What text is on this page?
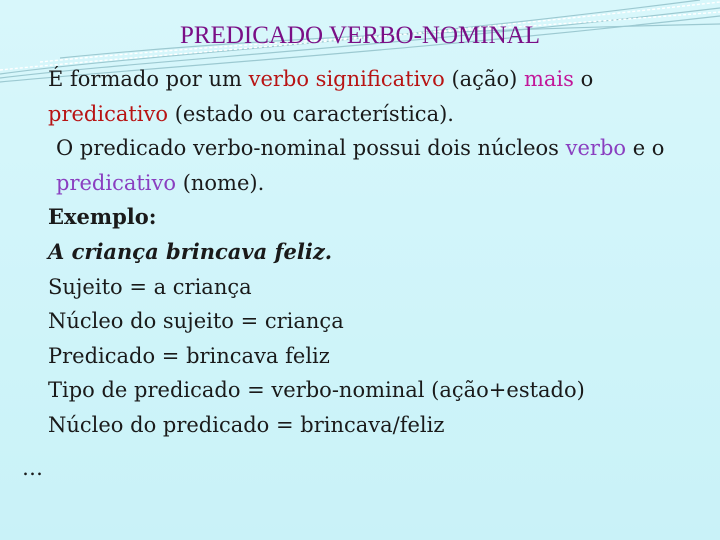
PREDICADO VERBO-NOMINAL

É formado por um verbo significativo (ação) mais o predicativo (estado ou característica).

O predicado verbo-nominal possui dois núcleos verbo e o predicativo (nome).

Exemplo:

A criança brincava feliz.

Sujeito = a criança

Núcleo do sujeito = criança

Predicado = brincava feliz

Tipo de predicado = verbo-nominal (ação+estado)

Núcleo do predicado = brincava/feliz

…
